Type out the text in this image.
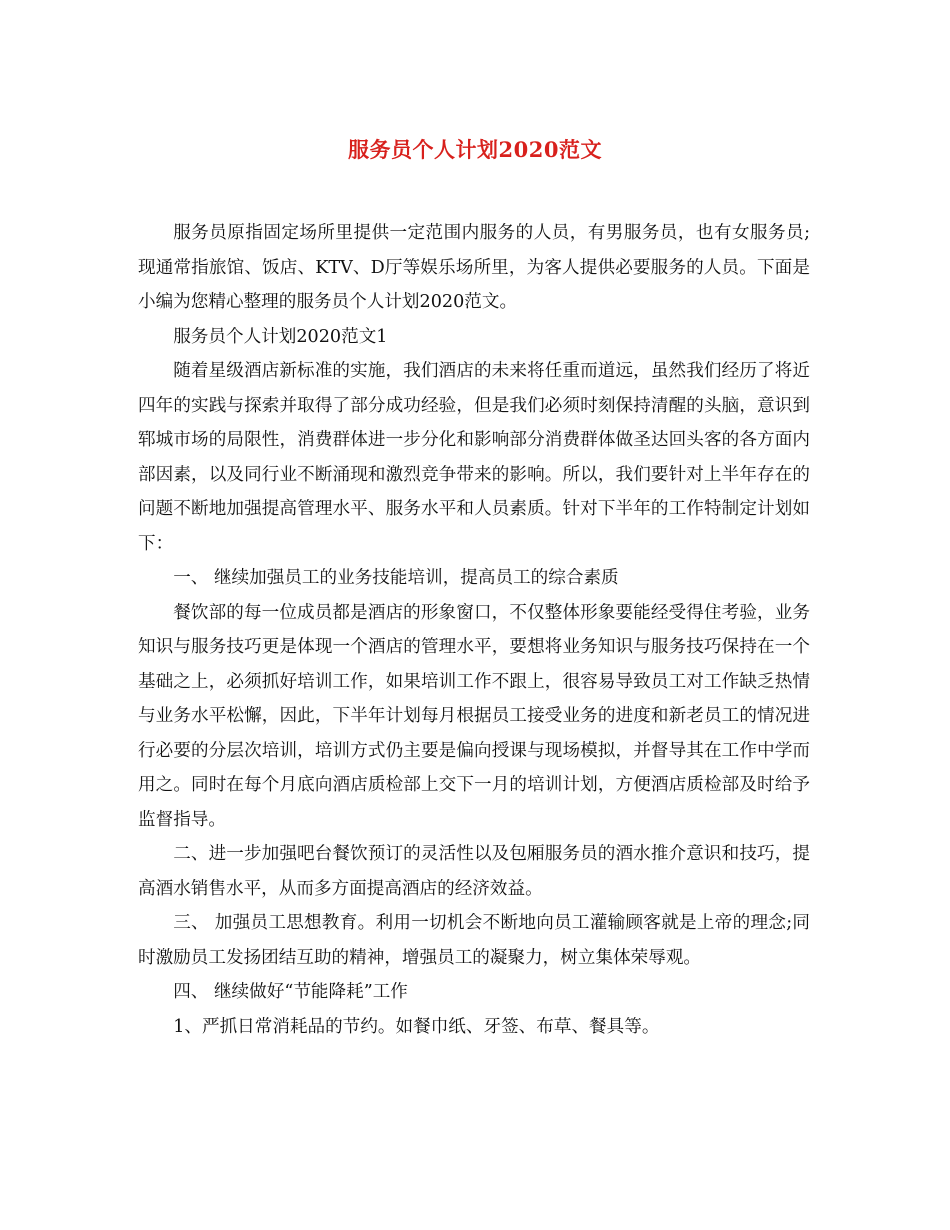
服务员个人计划2020范文

服务员原指固定场所里提供一定范围内服务的人员，有男服务员，也有女服务员;现通常指旅馆、饭店、KTV、D厅等娱乐场所里，为客人提供必要服务的人员。下面是小编为您精心整理的服务员个人计划2020范文。

服务员个人计划2020范文1

随着星级酒店新标准的实施，我们酒店的未来将任重而道远，虽然我们经历了将近四年的实践与探索并取得了部分成功经验，但是我们必须时刻保持清醒的头脑，意识到郓城市场的局限性，消费群体进一步分化和影响部分消费群体做圣达回头客的各方面内部因素，以及同行业不断涌现和激烈竞争带来的影响。所以，我们要针对上半年存在的问题不断地加强提高管理水平、服务水平和人员素质。针对下半年的工作特制定计划如下：

一、 继续加强员工的业务技能培训，提高员工的综合素质

餐饮部的每一位成员都是酒店的形象窗口，不仅整体形象要能经受得住考验，业务知识与服务技巧更是体现一个酒店的管理水平，要想将业务知识与服务技巧保持在一个基础之上，必须抓好培训工作，如果培训工作不跟上，很容易导致员工对工作缺乏热情与业务水平松懈，因此，下半年计划每月根据员工接受业务的进度和新老员工的情况进行必要的分层次培训，培训方式仍主要是偏向授课与现场模拟，并督导其在工作中学而用之。同时在每个月底向酒店质检部上交下一月的培训计划，方便酒店质检部及时给予监督指导。

二、进一步加强吧台餐饮预订的灵活性以及包厢服务员的酒水推介意识和技巧，提高酒水销售水平，从而多方面提高酒店的经济效益。

三、 加强员工思想教育。利用一切机会不断地向员工灌输顾客就是上帝的理念;同时激励员工发扬团结互助的精神，增强员工的凝聚力，树立集体荣辱观。

四、 继续做好“节能降耗”工作

1、严抓日常消耗品的节约。如餐巾纸、牙签、布草、餐具等。
